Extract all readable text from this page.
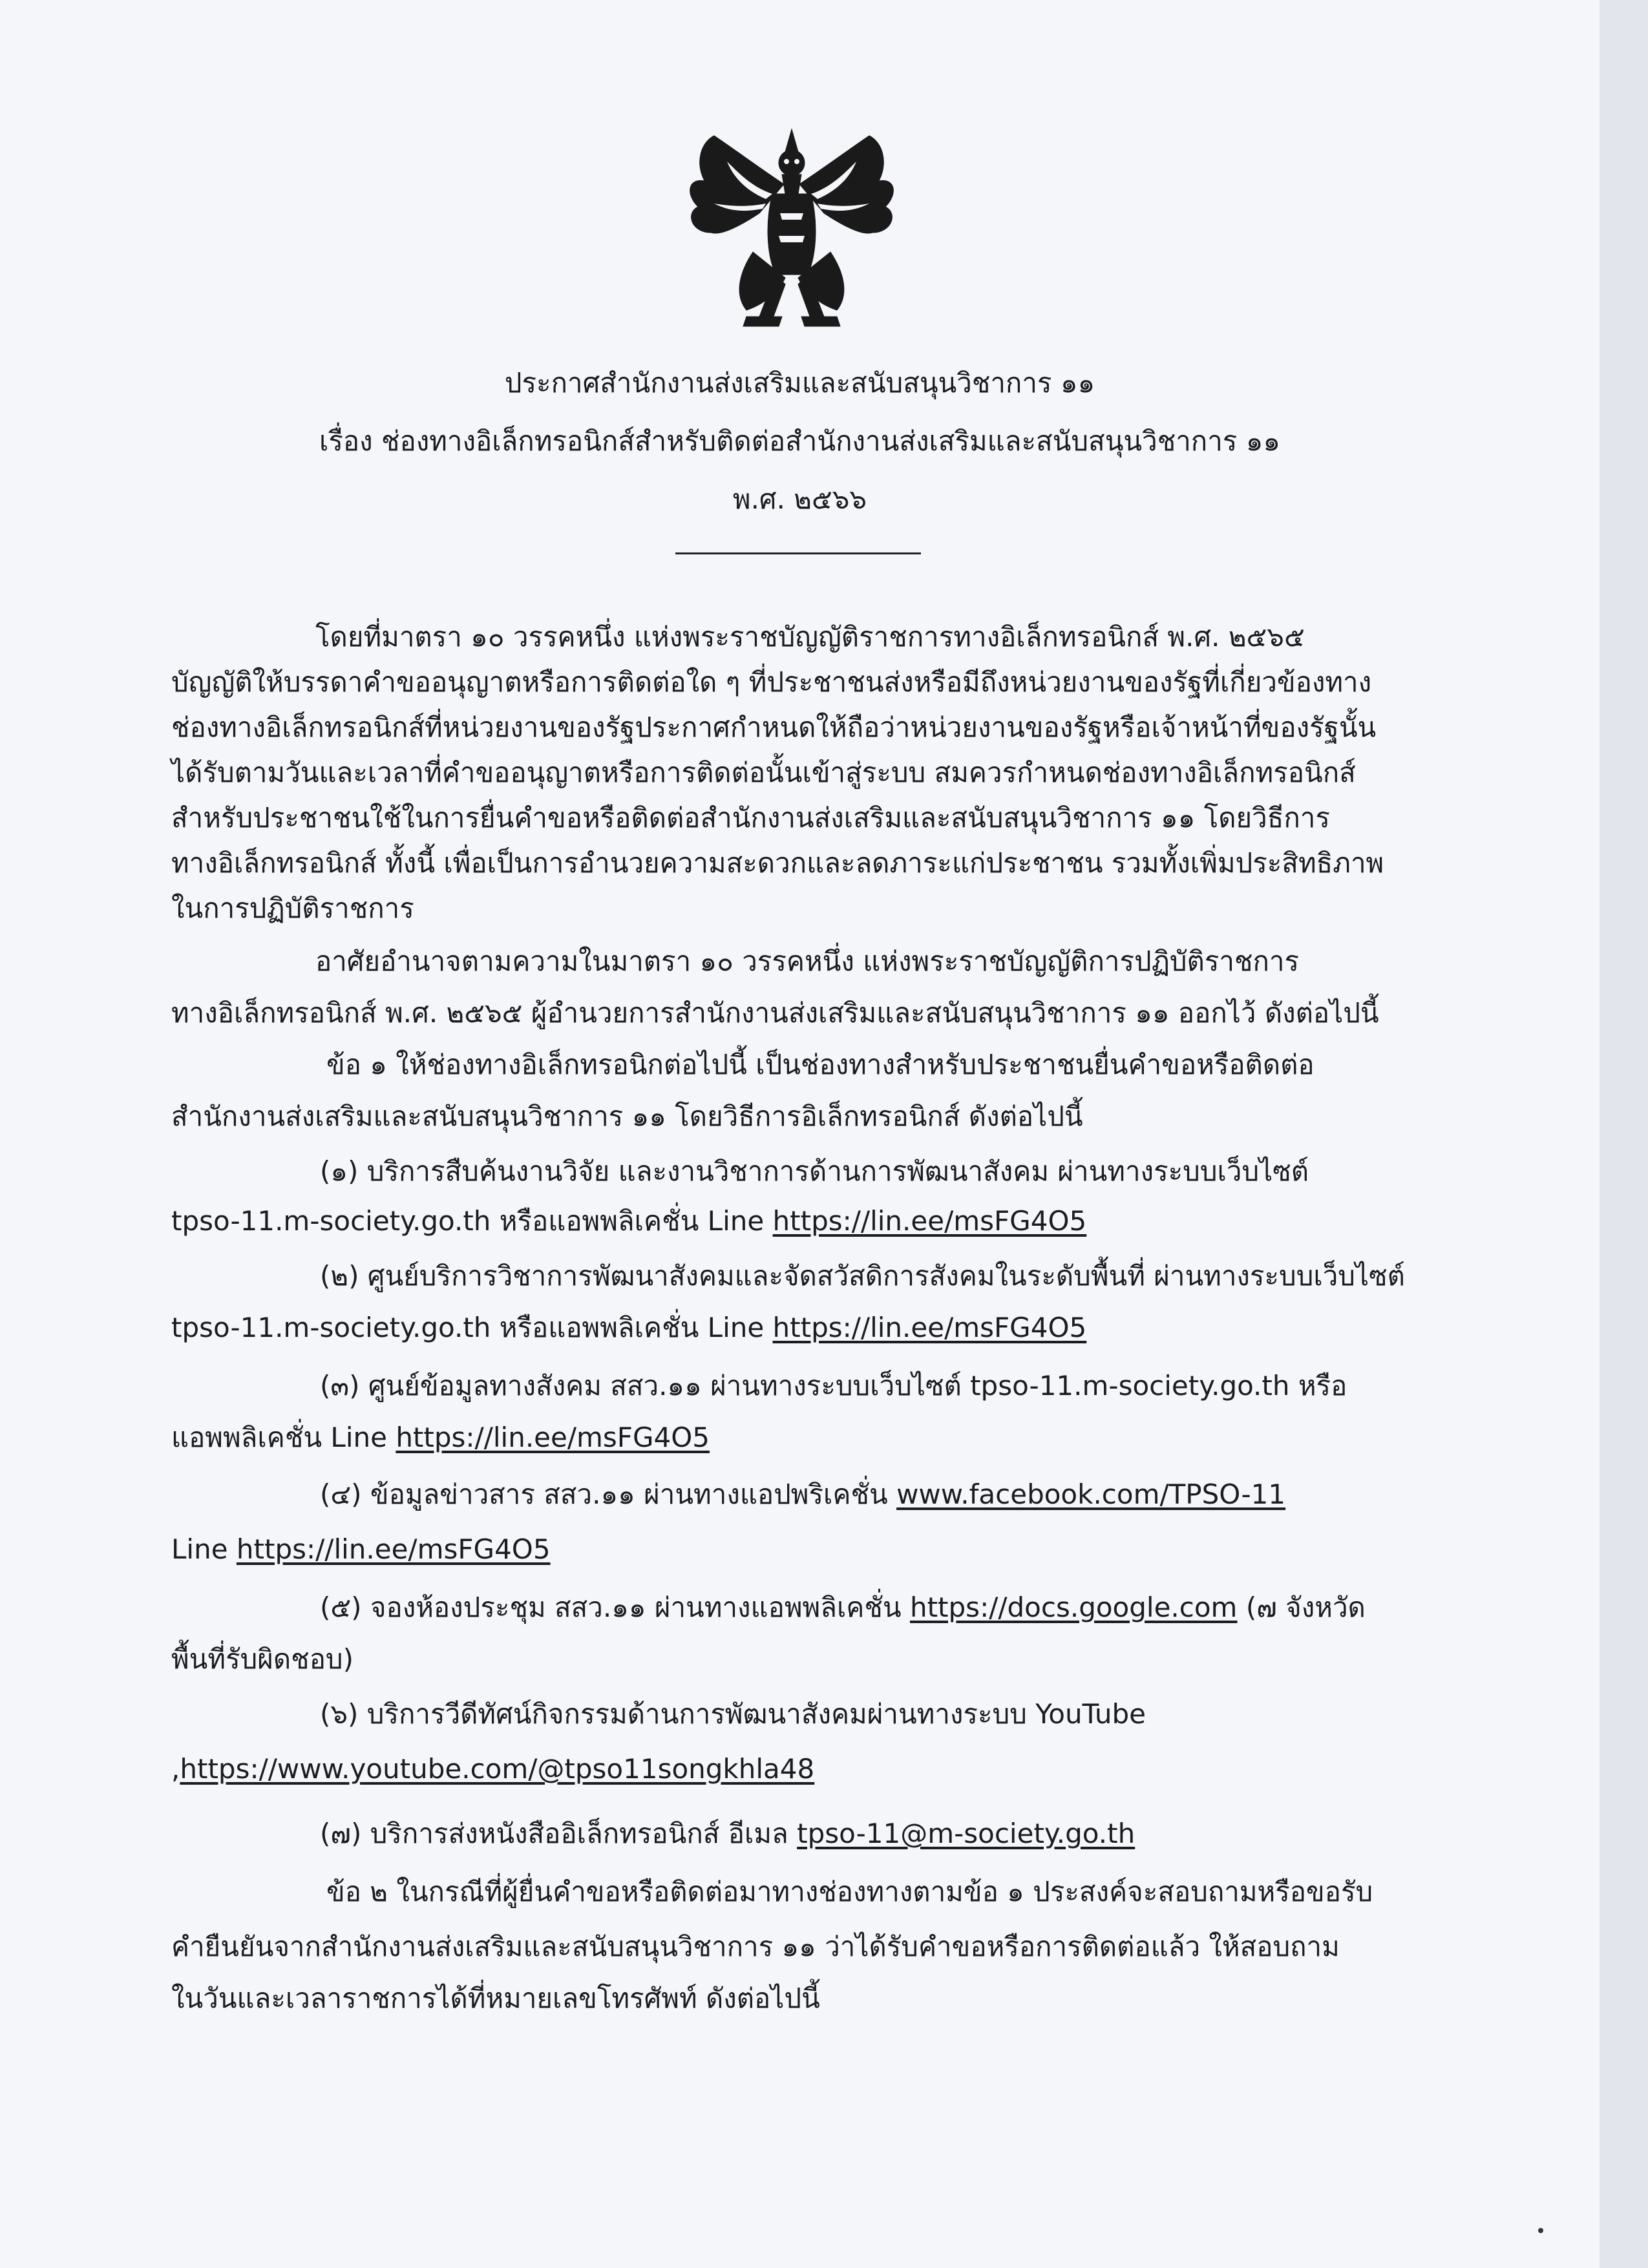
ประกาศสำนักงานส่งเสริมและสนับสนุนวิชาการ ๑๑
เรื่อง ช่องทางอิเล็กทรอนิกส์สำหรับติดต่อสำนักงานส่งเสริมและสนับสนุนวิชาการ ๑๑
พ.ศ. ๒๕๖๖
โดยที่มาตรา ๑๐ วรรคหนึ่ง แห่งพระราชบัญญัติราชการทางอิเล็กทรอนิกส์ พ.ศ. ๒๕๖๕
บัญญัติให้บรรดาคำขออนุญาตหรือการติดต่อใด ๆ ที่ประชาชนส่งหรือมีถึงหน่วยงานของรัฐที่เกี่ยวข้องทาง
ช่องทางอิเล็กทรอนิกส์ที่หน่วยงานของรัฐประกาศกำหนดให้ถือว่าหน่วยงานของรัฐหรือเจ้าหน้าที่ของรัฐนั้น
ได้รับตามวันและเวลาที่คำขออนุญาตหรือการติดต่อนั้นเข้าสู่ระบบ สมควรกำหนดช่องทางอิเล็กทรอนิกส์
สำหรับประชาชนใช้ในการยื่นคำขอหรือติดต่อสำนักงานส่งเสริมและสนับสนุนวิชาการ ๑๑ โดยวิธีการ
ทางอิเล็กทรอนิกส์ ทั้งนี้ เพื่อเป็นการอำนวยความสะดวกและลดภาระแก่ประชาชน รวมทั้งเพิ่มประสิทธิภาพ
ในการปฏิบัติราชการ
อาศัยอำนาจตามความในมาตรา ๑๐ วรรคหนึ่ง แห่งพระราชบัญญัติการปฏิบัติราชการ
ทางอิเล็กทรอนิกส์ พ.ศ. ๒๕๖๕ ผู้อำนวยการสำนักงานส่งเสริมและสนับสนุนวิชาการ ๑๑ ออกไว้ ดังต่อไปนี้
ข้อ ๑ ให้ช่องทางอิเล็กทรอนิกต่อไปนี้ เป็นช่องทางสำหรับประชาชนยื่นคำขอหรือติดต่อ
สำนักงานส่งเสริมและสนับสนุนวิชาการ ๑๑ โดยวิธีการอิเล็กทรอนิกส์ ดังต่อไปนี้
(๑) บริการสืบค้นงานวิจัย และงานวิชาการด้านการพัฒนาสังคม ผ่านทางระบบเว็บไซต์
tpso-11.m-society.go.th หรือแอพพลิเคชั่น Line https://lin.ee/msFG4O5
(๒) ศูนย์บริการวิชาการพัฒนาสังคมและจัดสวัสดิการสังคมในระดับพื้นที่ ผ่านทางระบบเว็บไซต์
tpso-11.m-society.go.th หรือแอพพลิเคชั่น Line https://lin.ee/msFG4O5
(๓) ศูนย์ข้อมูลทางสังคม สสว.๑๑ ผ่านทางระบบเว็บไซต์ tpso-11.m-society.go.th หรือ
แอพพลิเคชั่น Line https://lin.ee/msFG4O5
(๔) ข้อมูลข่าวสาร สสว.๑๑ ผ่านทางแอปพริเคชั่น www.facebook.com/TPSO-11
Line https://lin.ee/msFG4O5
(๕) จองห้องประชุม สสว.๑๑ ผ่านทางแอพพลิเคชั่น https://docs.google.com (๗ จังหวัด
พื้นที่รับผิดชอบ)
(๖) บริการวีดีทัศน์กิจกรรมด้านการพัฒนาสังคมผ่านทางระบบ YouTube
,https://www.youtube.com/@tpso11songkhla48
(๗) บริการส่งหนังสืออิเล็กทรอนิกส์ อีเมล tpso-11@m-society.go.th
ข้อ ๒ ในกรณีที่ผู้ยื่นคำขอหรือติดต่อมาทางช่องทางตามข้อ ๑ ประสงค์จะสอบถามหรือขอรับ
คำยืนยันจากสำนักงานส่งเสริมและสนับสนุนวิชาการ ๑๑ ว่าได้รับคำขอหรือการติดต่อแล้ว ให้สอบถาม
ในวันและเวลาราชการได้ที่หมายเลขโทรศัพท์ ดังต่อไปนี้
